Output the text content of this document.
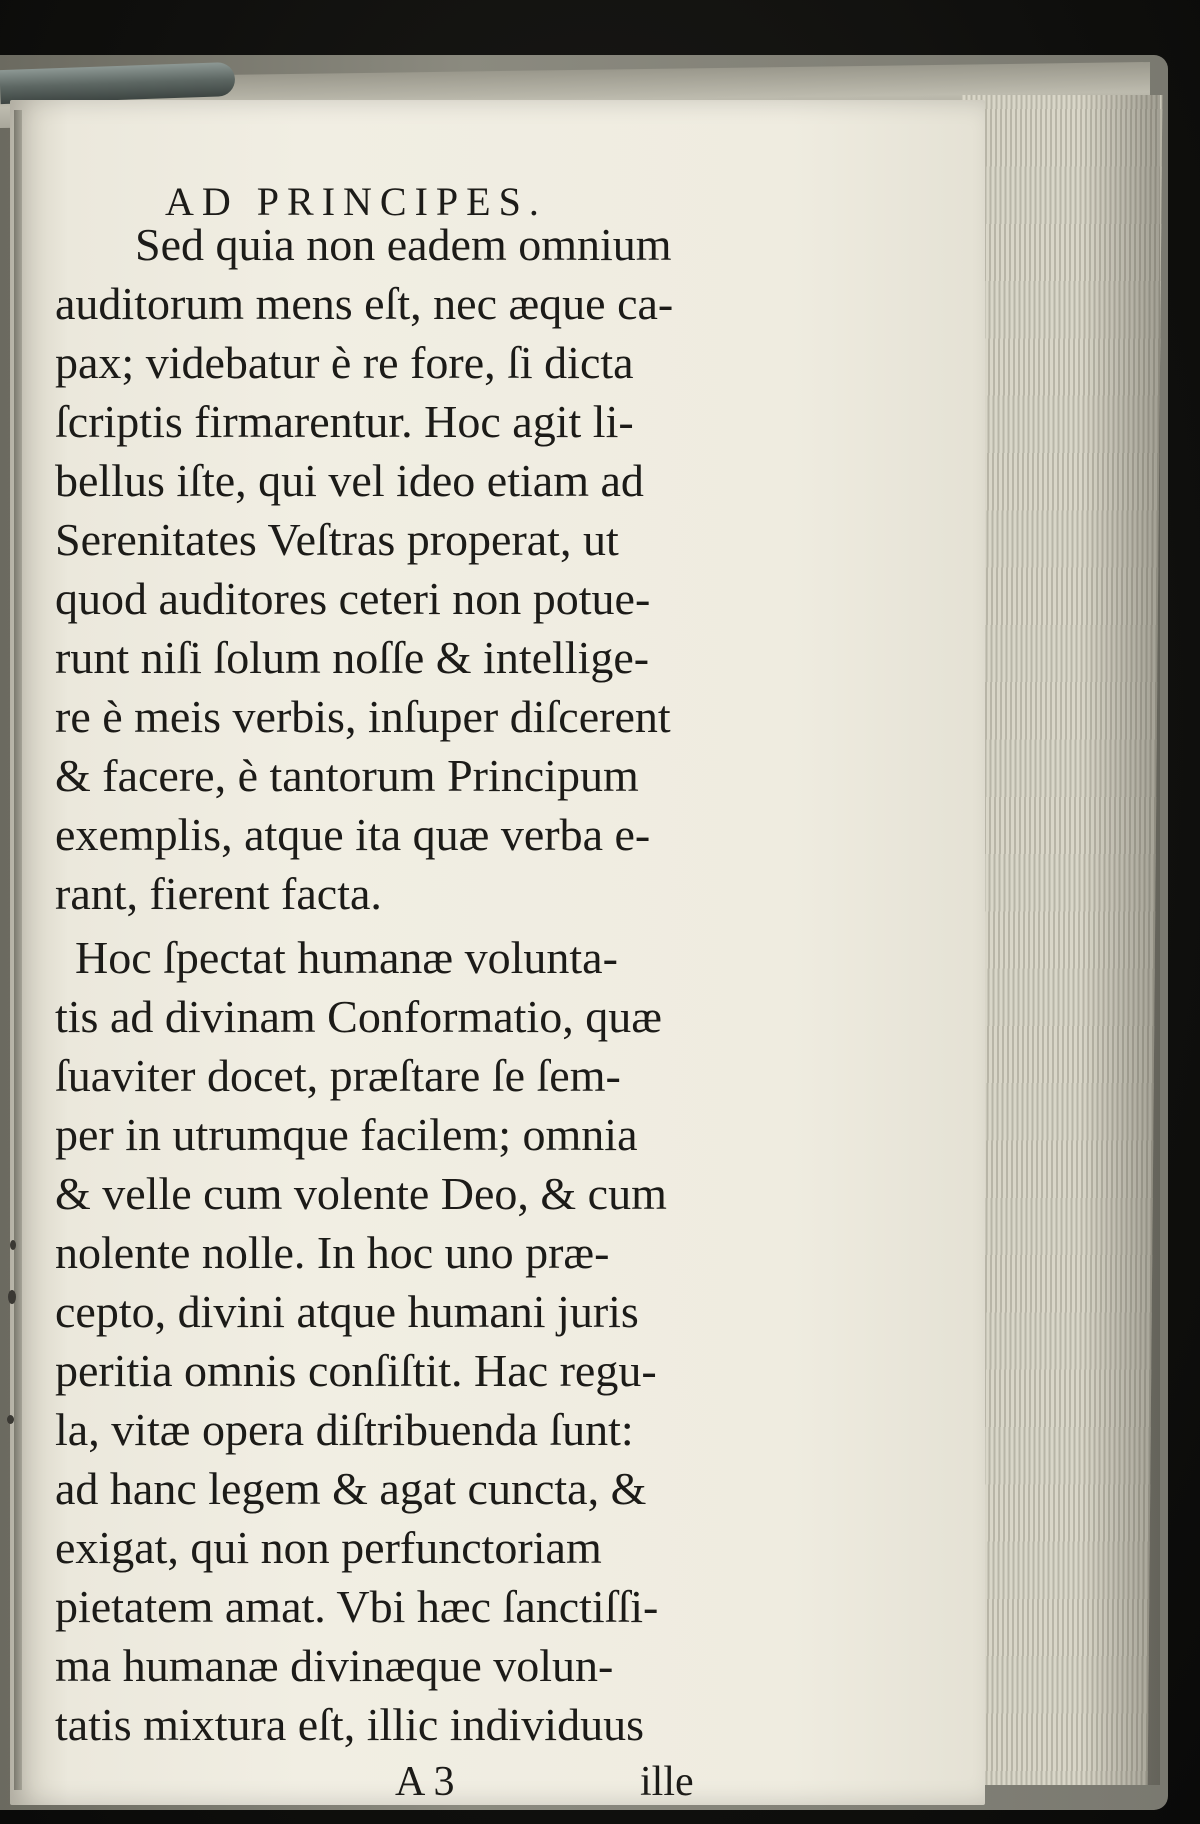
AD PRINCIPES.
Sed quia non eadem omnium
auditorum mens eſt, nec æque ca-
pax; videbatur è re fore, ſi dicta
ſcriptis firmarentur. Hoc agit li-
bellus iſte, qui vel ideo etiam ad
Serenitates Veſtras properat, ut
quod auditores ceteri non potue-
runt niſi ſolum noſſe & intellige-
re è meis verbis, inſuper diſcerent
& facere, è tantorum Principum
exemplis, atque ita quæ verba e-
rant, fierent facta.
Hoc ſpectat humanæ volunta-
tis ad divinam Conformatio, quæ
ſuaviter docet, præſtare ſe ſem-
per in utrumque facilem; omnia
& velle cum volente Deo, & cum
nolente nolle. In hoc uno præ-
cepto, divini atque humani juris
peritia omnis conſiſtit. Hac regu-
la, vitæ opera diſtribuenda ſunt:
ad hanc legem & agat cuncta, &
exigat, qui non perfunctoriam
pietatem amat. Vbi hæc ſanctiſſi-
ma humanæ divinæque volun-
tatis mixtura eſt, illic individuus
A 3	ille
